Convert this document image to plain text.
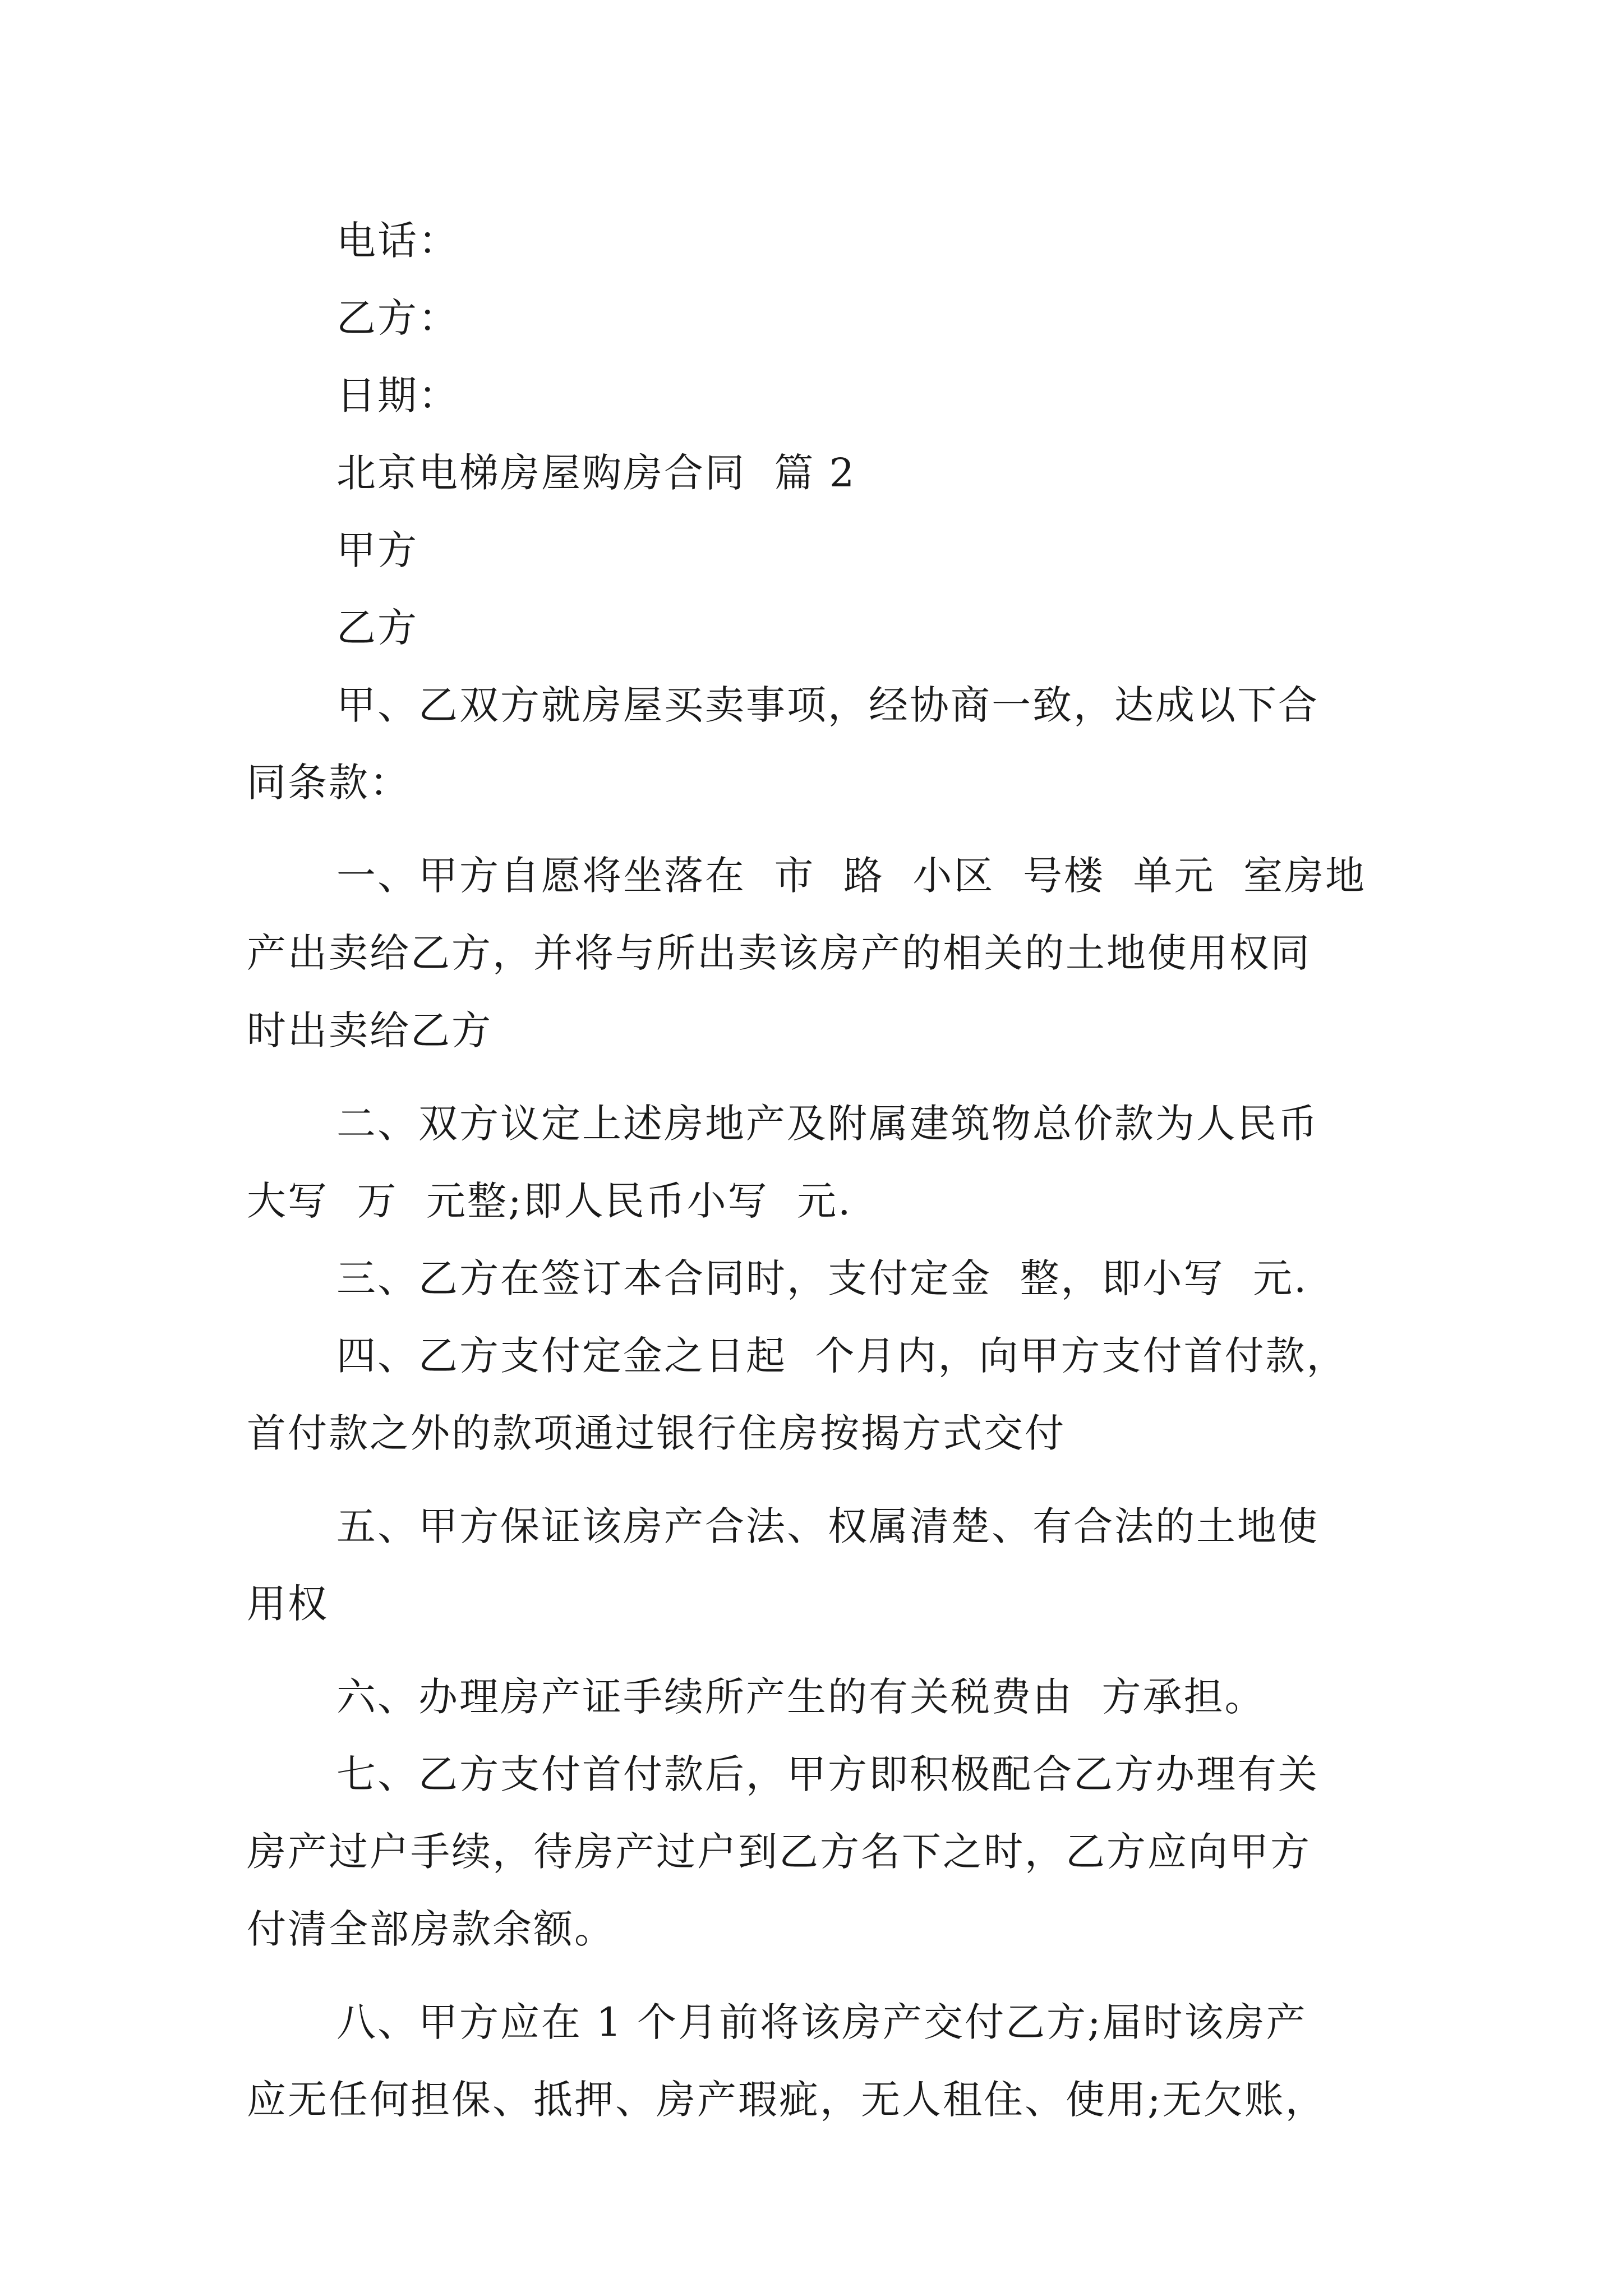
电话：
乙方：
日期：
北京电梯房屋购房合同  篇 2
甲方
乙方
甲、乙双方就房屋买卖事项，经协商一致，达成以下合
同条款：
一、甲方自愿将坐落在  市  路  小区  号楼  单元  室房地
产出卖给乙方，并将与所出卖该房产的相关的土地使用权同
时出卖给乙方
二、双方议定上述房地产及附属建筑物总价款为人民币
大写  万  元整;即人民币小写  元.
三、乙方在签订本合同时，支付定金  整，即小写  元.
四、乙方支付定金之日起  个月内，向甲方支付首付款，
首付款之外的款项通过银行住房按揭方式交付
五、甲方保证该房产合法、权属清楚、有合法的土地使
用权
六、办理房产证手续所产生的有关税费由  方承担。
七、乙方支付首付款后，甲方即积极配合乙方办理有关
房产过户手续，待房产过户到乙方名下之时，乙方应向甲方
付清全部房款余额。
八、甲方应在 1 个月前将该房产交付乙方;届时该房产
应无任何担保、抵押、房产瑕疵，无人租住、使用;无欠账，
